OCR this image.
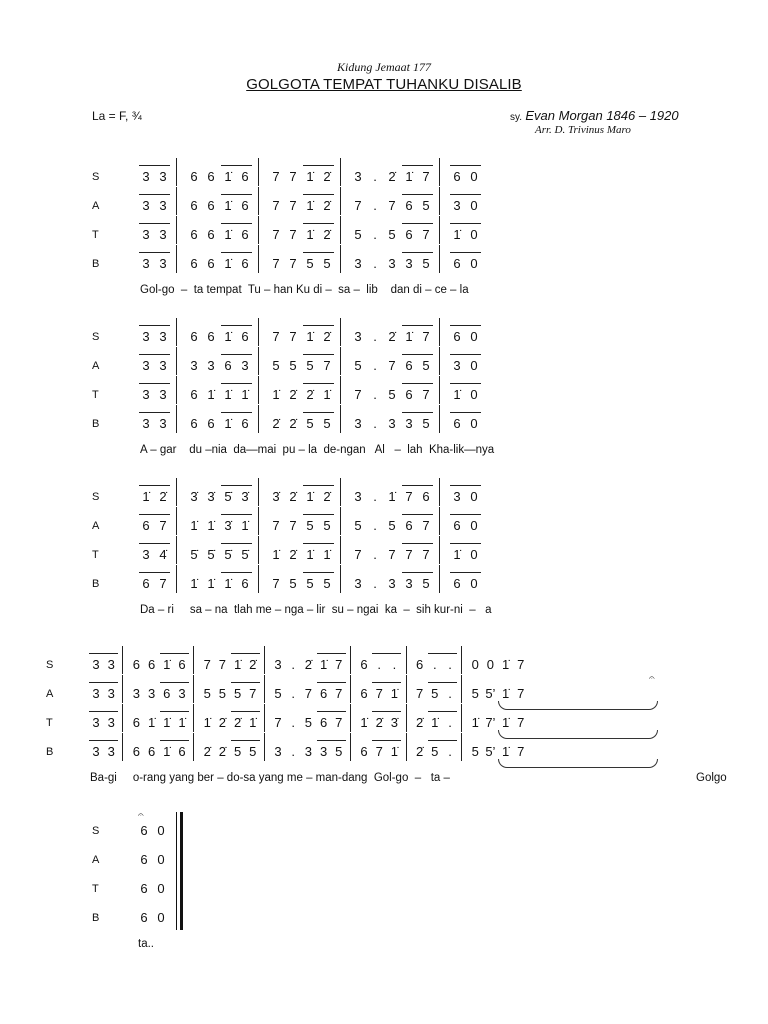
Kidung Jemaat 177
GOLGOTA TEMPAT TUHANKU DISALIB
La = F, ¾	sy. Evan Morgan 1846 – 1920
Arr. D. Trivinus Maro
S	3 3 6 6 1̇ 6 7 7 1̇ 2̇ 3 . 2̇ 1̇ 7 6 0
A	3 3 6 6 1̇ 6 7 7 1̇ 2̇ 7 . 7 6 5 3 0
T	3 3 6 6 1̇ 6 7 7 1̇ 2̇ 5 . 5 6 7 1̇ 0
B	3 3 6 6 1̇ 6 7 7 5 5 3 . 3 3 5 6 0
Gol-go  –  ta tempat  Tu – han Ku di –  sa –  lib    dan di – ce – la
S	3 3 6 6 1̇ 6 7 7 1̇ 2̇ 3 . 2̇ 1̇ 7 6 0
A	3 3 3 3 6 3 5 5 5 7 5 . 7 6 5 3 0
T	3 3 6 1̇ 1̇ 1̇ 1̇ 2̇ 2̇ 1̇ 7 . 5 6 7 1̇ 0
B	3 3 6 6 1̇ 6 2̇ 2̇ 5 5 3 . 3 3 5 6 0
A – gar    du –nia  da—mai  pu – la  de-ngan   Al   –  lah  Kha-lik—nya
S	1̇ 2̇ 3̇ 3̇ 5̇ 3̇ 3̇ 2̇ 1̇ 2̇ 3 . 1̇ 7 6 3 0
A	6 7 1̇ 1̇ 3̇ 1̇ 7 7 5 5 5 . 5 6 7 6 0
T	3 4̇ 5̇ 5̇ 5̇ 5̇ 1̇ 2̇ 1̇ 1̇ 7 . 7 7 7 1̇ 0
B	6 7 1̇ 1̇ 1̇ 6 7 5 5 5 3 . 3 3 5 6 0
Da – ri     sa – na  tlah me – nga – lir  su – ngai  ka  –  sih kur-ni  –   a
S	3 3 6 6 1̇ 6 7 7 1̇ 2̇ 3 . 2̇ 1̇ 7 6 . .	6 . .	0 0 1̇ 7
A	3 3 3 3 6 3 5 5 5 7 5 . 7 6 7 6 7 1̇ 7 5 .	5 5’ 1̇ 7
T	3 3 6 1̇ 1̇ 1̇ 1̇ 2̇ 2̇ 1̇ 7 . 5 6 7 1̇ 2̇ 3̇ 2̇ 1̇ .	1̇ 7’ 1̇ 7
B	3 3 6 6 1̇ 6 2̇ 2̇ 5 5 3 . 3 3 5 6 7 1̇ 2̇ 5 .	5 5’ 1̇ 7
Ba-gi     o-rang yang ber – do-sa yang me – man-dang  Gol-go  –   ta –	Golgo
𝄐
S	6 0
A	6 0
T	6 0
B	6 0
ta..
𝄐
